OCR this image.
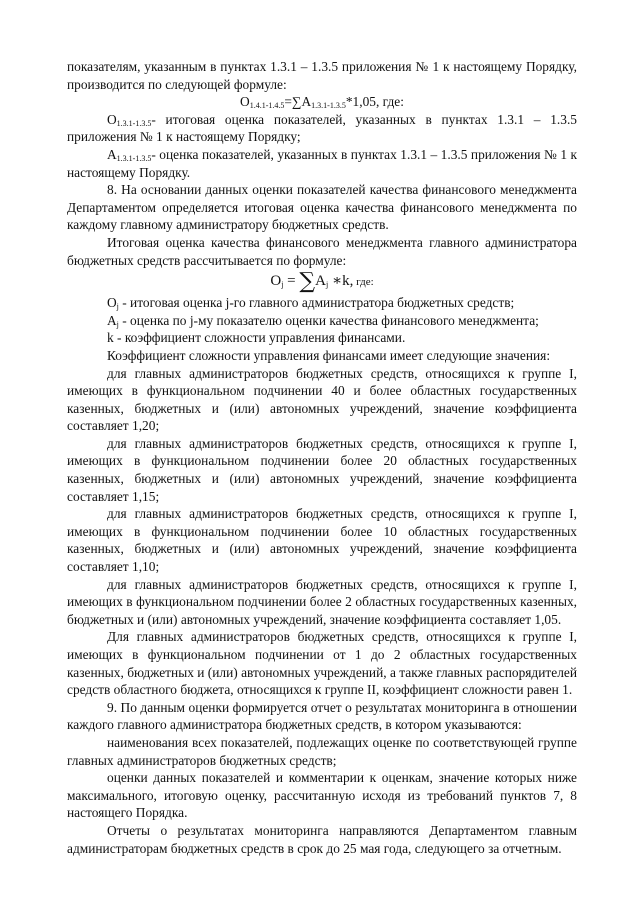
показателям, указанным в пунктах 1.3.1 – 1.3.5 приложения № 1 к настоящему Порядку, производится по следующей формуле:

$О_{1.4.1-1.4.5}=\sum А_{1.3.1-1.3.5}*1,05$, где:

$О_{1.3.1-1.3.5}-$ итоговая оценка показателей, указанных в пунктах 1.3.1 – 1.3.5 приложения № 1 к настоящему Порядку;

$А_{1.3.1-1.3.5}-$ оценка показателей, указанных в пунктах 1.3.1 – 1.3.5 приложения № 1 к настоящему Порядку.

8. На основании данных оценки показателей качества финансового менеджмента Департаментом определяется итоговая оценка качества финансового менеджмента по каждому главному администратору бюджетных средств.

Итоговая оценка качества финансового менеджмента главного администратора бюджетных средств рассчитывается по формуле:

$O_j = \sum A_j$ ∗k, где:

$О_j$ - итоговая оценка j-го главного администратора бюджетных средств;

$А_j$ - оценка по j-му показателю оценки качества финансового менеджмента;

k - коэффициент сложности управления финансами.

Коэффициент сложности управления финансами имеет следующие значения:

для главных администраторов бюджетных средств, относящихся к группе I, имеющих в функциональном подчинении 40 и более областных государственных казенных, бюджетных и (или) автономных учреждений, значение коэффициента составляет 1,20;

для главных администраторов бюджетных средств, относящихся к группе I, имеющих в функциональном подчинении более 20 областных государственных казенных, бюджетных и (или) автономных учреждений, значение коэффициента составляет 1,15;

для главных администраторов бюджетных средств, относящихся к группе I, имеющих в функциональном подчинении более 10 областных государственных казенных, бюджетных и (или) автономных учреждений, значение коэффициента составляет 1,10;

для главных администраторов бюджетных средств, относящихся к группе I, имеющих в функциональном подчинении более 2 областных государственных казенных, бюджетных и (или) автономных учреждений, значение коэффициента составляет 1,05.

Для главных администраторов бюджетных средств, относящихся к группе I, имеющих в функциональном подчинении от 1 до 2 областных государственных казенных, бюджетных и (или) автономных учреждений, а также главных распорядителей средств областного бюджета, относящихся к группе II, коэффициент сложности равен 1.

9. По данным оценки формируется отчет о результатах мониторинга в отношении каждого главного администратора бюджетных средств, в котором указываются:

наименования всех показателей, подлежащих оценке по соответствующей группе главных администраторов бюджетных средств;

оценки данных показателей и комментарии к оценкам, значение которых ниже максимального, итоговую оценку, рассчитанную исходя из требований пунктов 7, 8 настоящего Порядка.

Отчеты о результатах мониторинга направляются Департаментом главным администраторам бюджетных средств в срок до 25 мая года, следующего за отчетным.
